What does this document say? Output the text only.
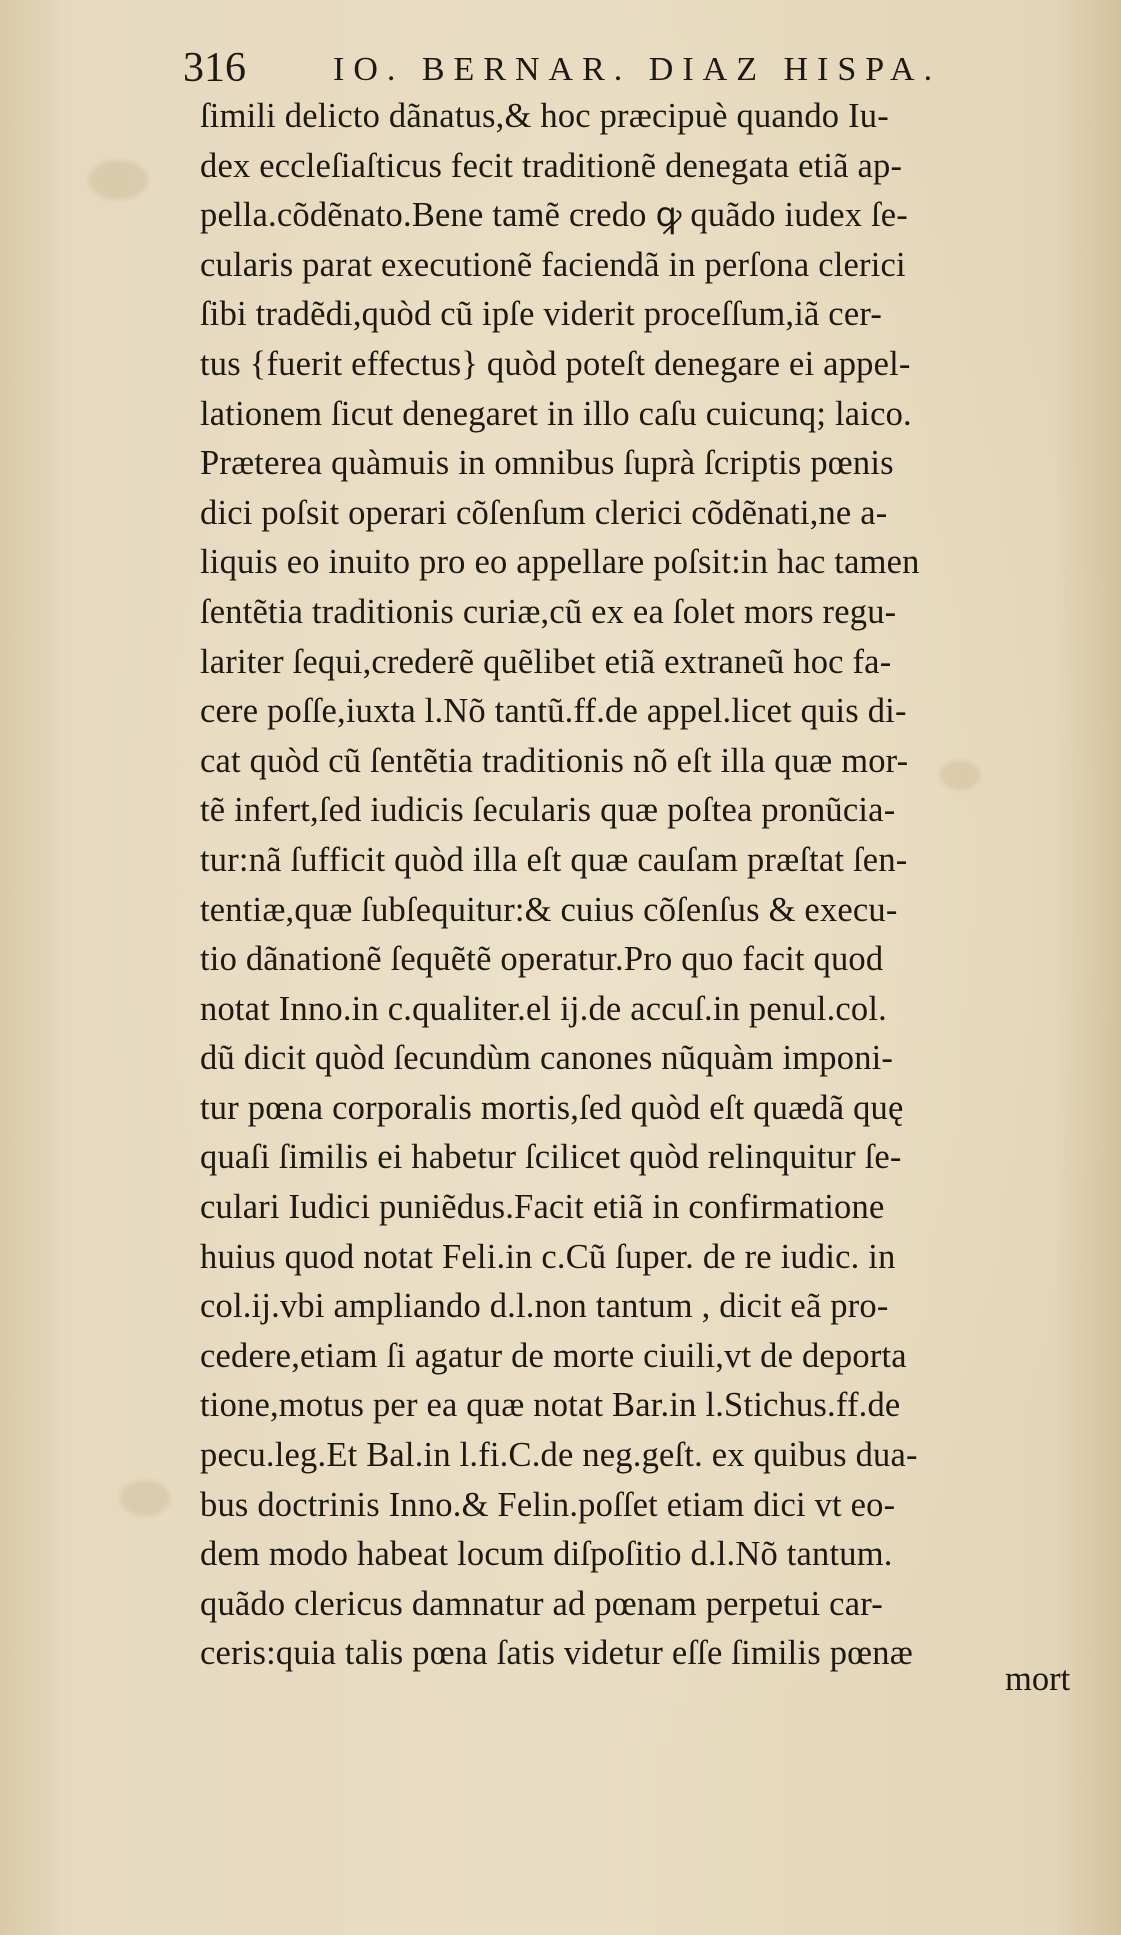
316	IO. BERNAR. DIAZ HISPA.
ſimili delicto dãnatus,& hoc præcipuè quando Iu-
dex eccleſiaſticus fecit traditionẽ denegata etiã ap-
pella.cõdẽnato.Bene tamẽ credo ꝙ quãdo iudex ſe-
cularis parat executionẽ faciendã in perſona clerici
ſibi tradẽdi,quòd cũ ipſe viderit proceſſum,iã cer-
tus {fuerit effectus} quòd poteſt denegare ei appel-
lationem ſicut denegaret in illo caſu cuicunq; laico.
Præterea quàmuis in omnibus ſuprà ſcriptis pœnis
dici poſsit operari cõſenſum clerici cõdẽnati,ne a-
liquis eo inuito pro eo appellare poſsit:in hac tamen
ſentẽtia traditionis curiæ,cũ ex ea ſolet mors regu-
lariter ſequi,crederẽ quẽlibet etiã extraneũ hoc fa-
cere poſſe,iuxta l.Nõ tantũ.ff.de appel.licet quis di-
cat quòd cũ ſentẽtia traditionis nõ eſt illa quæ mor-
tẽ infert,ſed iudicis ſecularis quæ poſtea pronũcia-
tur:nã ſufficit quòd illa eſt quæ cauſam præſtat ſen-
tentiæ,quæ ſubſequitur:& cuius cõſenſus & execu-
tio dãnationẽ ſequẽtẽ operatur.Pro quo facit quod
notat Inno.in c.qualiter.el ij.de accuſ.in penul.col.
dũ dicit quòd ſecundùm canones nũquàm imponi-
tur pœna corporalis mortis,ſed quòd eſt quædã quę
quaſi ſimilis ei habetur ſcilicet quòd relinquitur ſe-
culari Iudici puniẽdus.Facit etiã in confirmatione
huius quod notat Feli.in c.Cũ ſuper. de re iudic. in
col.ij.vbi ampliando d.l.non tantum , dicit eã pro-
cedere,etiam ſi agatur de morte ciuili,vt de deporta
tione,motus per ea quæ notat Bar.in l.Stichus.ff.de
pecu.leg.Et Bal.in l.fi.C.de neg.geſt. ex quibus dua-
bus doctrinis Inno.& Felin.poſſet etiam dici vt eo-
dem modo habeat locum diſpoſitio d.l.Nõ tantum.
quãdo clericus damnatur ad pœnam perpetui car-
ceris:quia talis pœna ſatis videtur eſſe ſimilis pœnæ
mort
